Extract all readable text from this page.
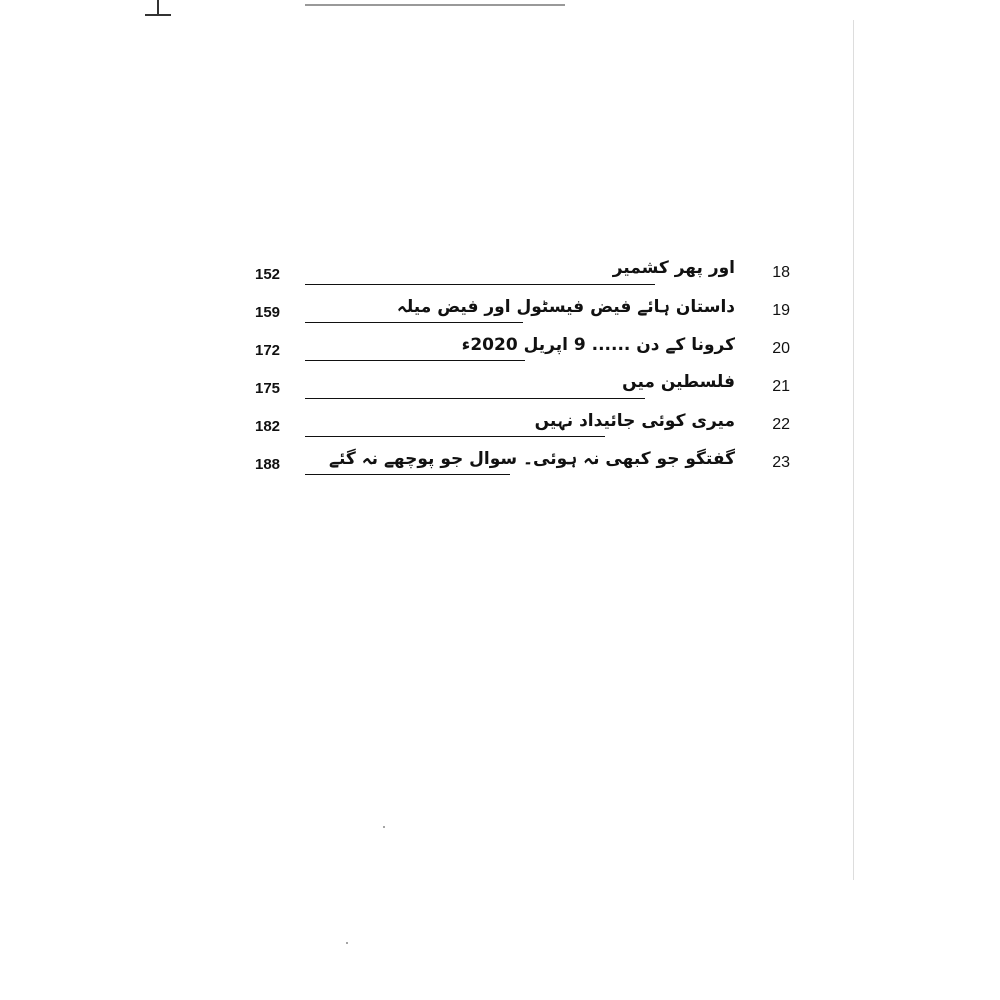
152	اور پھر کشمیر	18
159	داستان ہائے فیض فیسٹول اور فیض میلہ	19
172	کرونا کے دن ...... 9 اپریل 2020ء	20
175	فلسطین میں	21
182	میری کوئی جائیداد نہیں	22
188	گفتگو جو کبھی نہ ہوئی۔ سوال جو پوچھے نہ گئے	23
